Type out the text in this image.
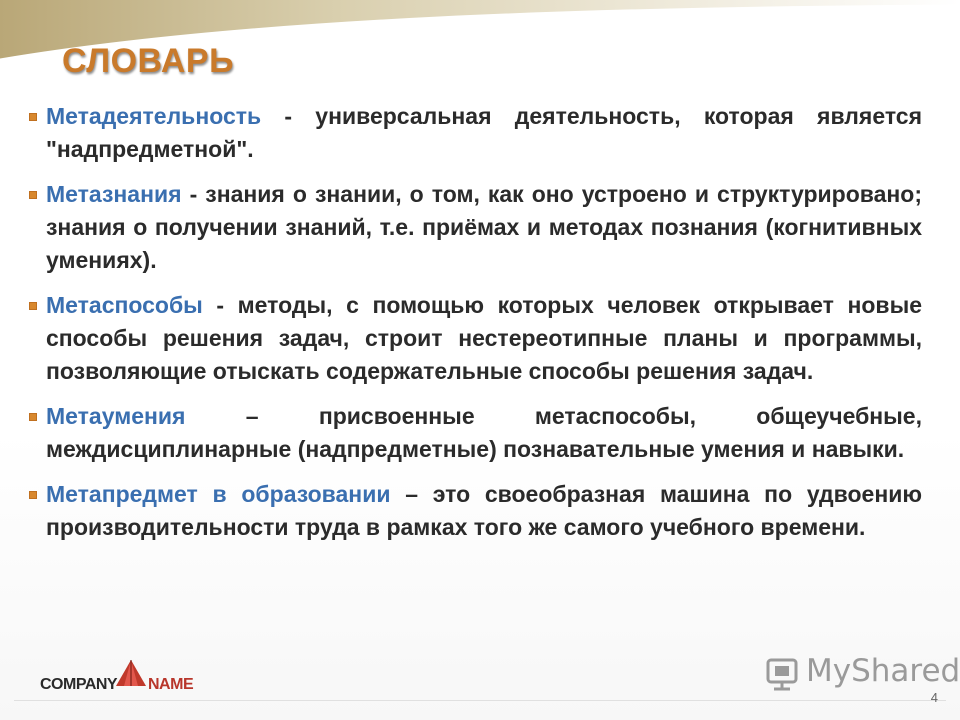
СЛОВАРЬ
Метадеятельность - универсальная деятельность, которая является "надпредметной".
Метазнания - знания о знании, о том, как оно устроено и структурировано; знания о получении знаний, т.е. приёмах и методах познания (когнитивных умениях).
Метаспособы - методы, с помощью которых человек открывает новые способы решения задач, строит нестереотипные планы и программы, позволяющие отыскать содержательные способы решения задач.
Метаумения – присвоенные метаспособы, общеучебные, междисциплинарные (надпредметные) познавательные умения и навыки.
Метапредмет в образовании – это своеобразная машина по удвоению производительности труда в рамках того же самого учебного времени.
COMPANY NAME	MyShared
4
